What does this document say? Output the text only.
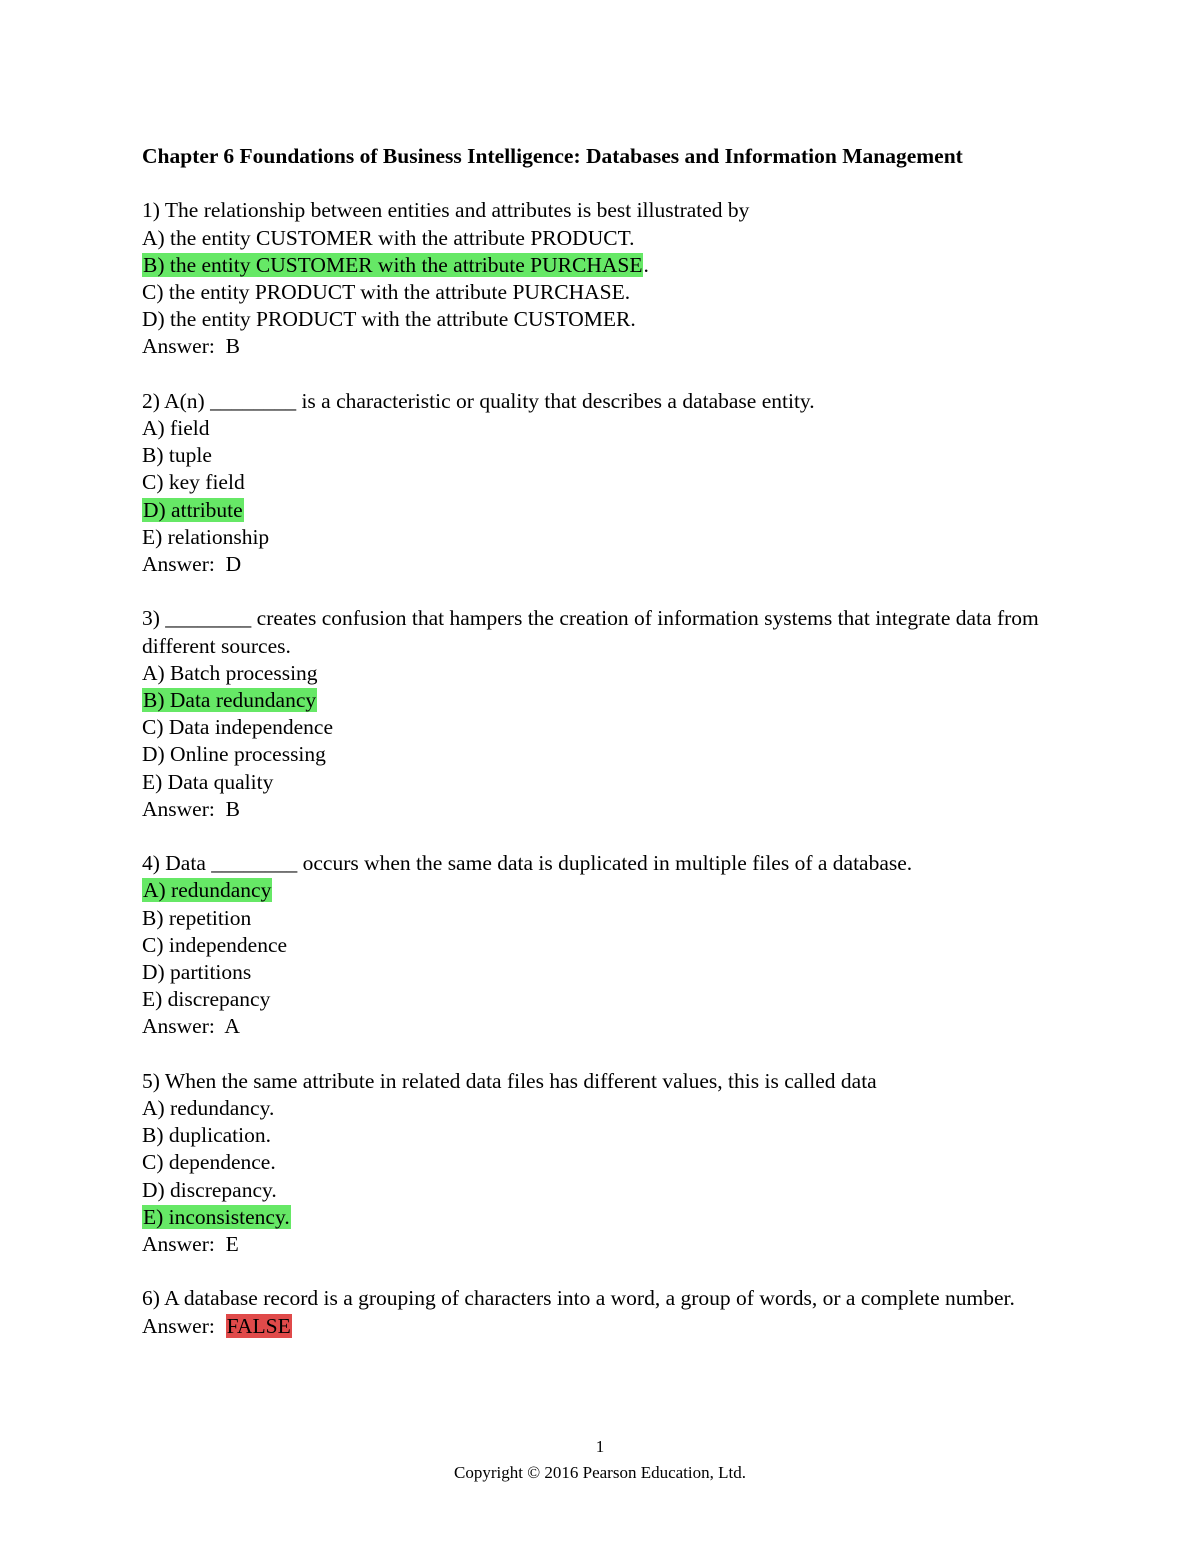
Chapter 6 Foundations of Business Intelligence: Databases and Information Management
1) The relationship between entities and attributes is best illustrated by
A) the entity CUSTOMER with the attribute PRODUCT.
B) the entity CUSTOMER with the attribute PURCHASE.
C) the entity PRODUCT with the attribute PURCHASE.
D) the entity PRODUCT with the attribute CUSTOMER.
Answer:  B
2) A(n) ________ is a characteristic or quality that describes a database entity.
A) field
B) tuple
C) key field
D) attribute
E) relationship
Answer:  D
3) ________ creates confusion that hampers the creation of information systems that integrate data from different sources.
A) Batch processing
B) Data redundancy
C) Data independence
D) Online processing
E) Data quality
Answer:  B
4) Data ________ occurs when the same data is duplicated in multiple files of a database.
A) redundancy
B) repetition
C) independence
D) partitions
E) discrepancy
Answer:  A
5) When the same attribute in related data files has different values, this is called data
A) redundancy.
B) duplication.
C) dependence.
D) discrepancy.
E) inconsistency.
Answer:  E
6) A database record is a grouping of characters into a word, a group of words, or a complete number.
Answer:  FALSE
1
Copyright © 2016 Pearson Education, Ltd.
